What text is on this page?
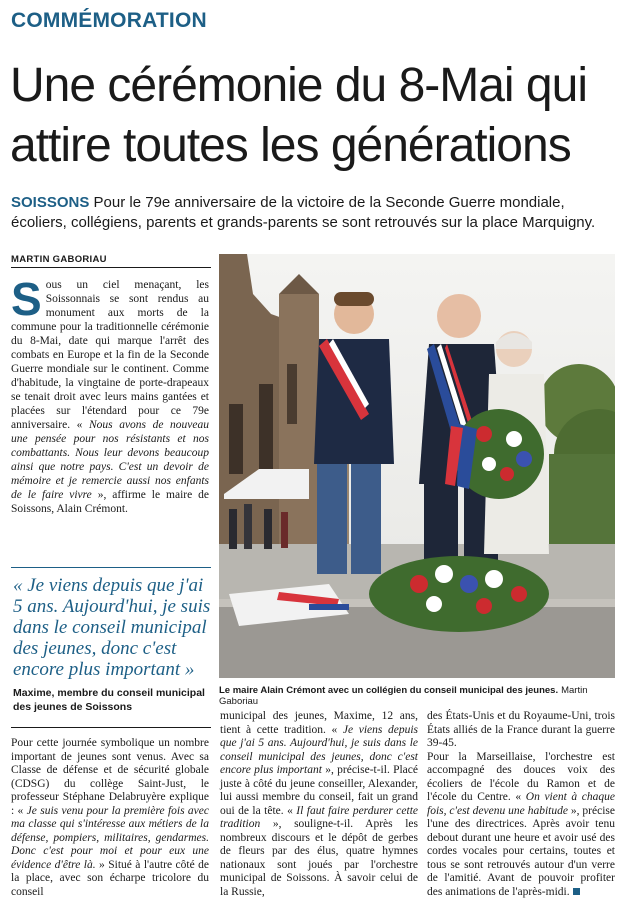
COMMÉMORATION
Une cérémonie du 8-Mai qui attire toutes les générations
SOISSONS Pour le 79e anniversaire de la victoire de la Seconde Guerre mondiale, écoliers, collégiens, parents et grands-parents se sont retrouvés sur la place Marquigny.
MARTIN GABORIAU
S ous un ciel menaçant, les Soissonnais se sont rendus au monument aux morts de la commune pour la traditionnelle cérémonie du 8-Mai, date qui marque l'arrêt des combats en Europe et la fin de la Seconde Guerre mondiale sur le continent. Comme d'habitude, la vingtaine de porte-drapeaux se tenait droit avec leurs mains gantées et placées sur l'étendard pour ce 79e anniversaire. « Nous avons de nouveau une pensée pour nos résistants et nos combattants. Nous leur devons beaucoup ainsi que notre pays. C'est un devoir de mémoire et je remercie aussi nos enfants de le faire vivre », affirme le maire de Soissons, Alain Crémont.
« Je viens depuis que j'ai 5 ans. Aujourd'hui, je suis dans le conseil municipal des jeunes, donc c'est encore plus important »
Maxime, membre du conseil municipal des jeunes de Soissons

Pour cette journée symbolique un nombre important de jeunes sont venus. Avec sa Classe de défense et de sécurité globale (CDSG) du collège Saint-Just, le professeur Stéphane Delabruyère explique : « Je suis venu pour la première fois avec ma classe qui s'intéresse aux métiers de la défense, pompiers, militaires, gendarmes. Donc c'est pour moi et pour eux une évidence d'être là. » Situé à l'autre côté de la place, avec son écharpe tricolore du conseil

municipal des jeunes, Maxime, 12 ans, tient à cette tradition. « Je viens depuis que j'ai 5 ans. Aujourd'hui, je suis dans le conseil municipal des jeunes, donc c'est encore plus important », précise-t-il. Placé juste à côté du jeune conseiller, Alexander, lui aussi membre du conseil, fait un grand oui de la tête. « Il faut faire perdurer cette tradition », souligne-t-il. Après les nombreux discours et le dépôt de gerbes de fleurs par des élus, quatre hymnes nationaux sont joués par l'orchestre municipal de Soissons. À savoir celui de la Russie,

des États-Unis et du Royaume-Uni, trois États alliés de la France durant la guerre 39-45.

Pour la Marseillaise, l'orchestre est accompagné des douces voix des écoliers de l'école du Ramon et de l'école du Centre. « On vient à chaque fois, c'est devenu une habitude », précise l'une des directrices. Après avoir tenu debout durant une heure et avoir usé des cordes vocales pour certains, toutes et tous se sont retrouvés autour d'un verre de l'amitié. Avant de pouvoir profiter des animations de l'après-midi.

Le maire Alain Crémont avec un collégien du conseil municipal des jeunes. Martin Gaboriau
